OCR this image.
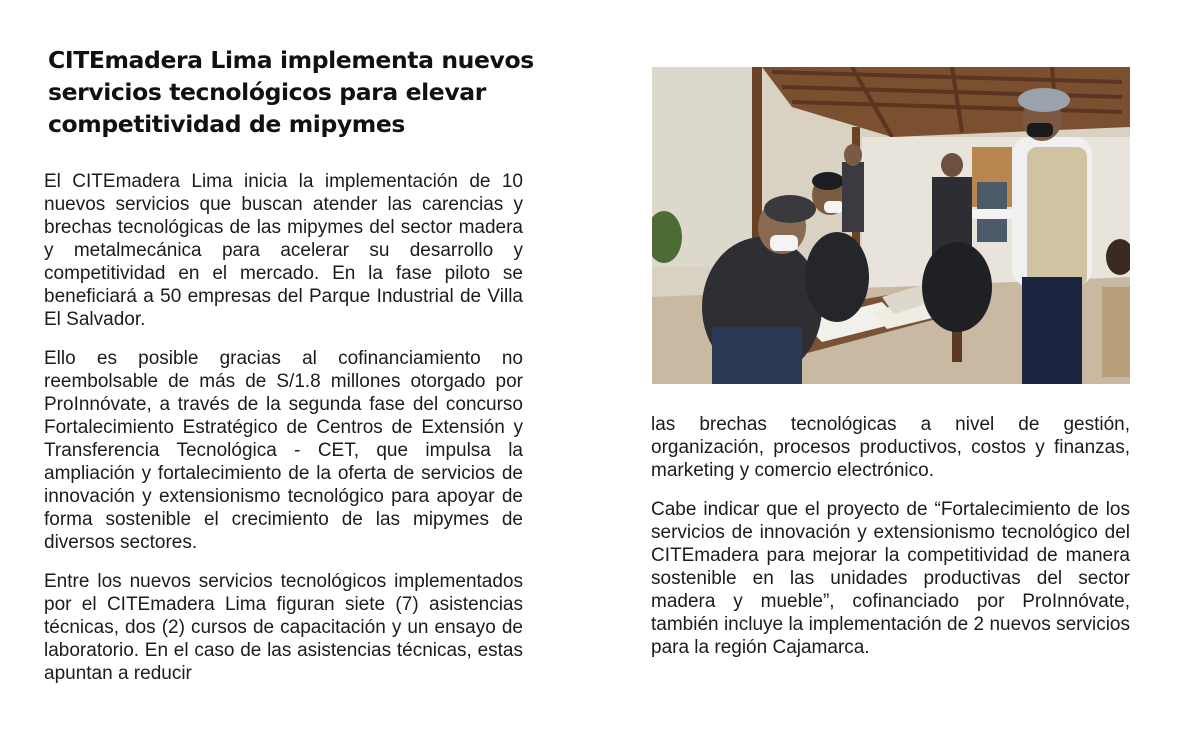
CITEmadera Lima implementa nuevos servicios tecnológicos para elevar competitividad de mipymes

El CITEmadera Lima inicia la implementación de 10 nuevos servicios que buscan atender las carencias y brechas tecnológicas de las mipymes del sector madera y metalmecánica para acelerar su desarrollo y competitividad en el mercado. En la fase piloto se beneficiará a 50 empresas del Parque Industrial de Villa El Salvador.

Ello es posible gracias al cofinanciamiento no reembolsable de más de S/1.8 millones otorgado por ProInnóvate, a través de la segunda fase del concurso Fortalecimiento Estratégico de Centros de Extensión y Transferencia Tecnológica - CET, que impulsa la ampliación y fortalecimiento de la oferta de servicios de innovación y extensionismo tecnológico para apoyar de forma sostenible el crecimiento de las mipymes de diversos sectores.

Entre los nuevos servicios tecnológicos implementados por el CITEmadera Lima figuran siete (7) asistencias técnicas, dos (2) cursos de capacitación y un ensayo de laboratorio. En el caso de las asistencias técnicas, estas apuntan a reducir

las brechas tecnológicas a nivel de gestión, organización, procesos productivos, costos y finanzas, marketing y comercio electrónico.

Cabe indicar que el proyecto de “Fortalecimiento de los servicios de innovación y extensionismo tecnológico del CITEmadera para mejorar la competitividad de manera sostenible en las unidades productivas del sector madera y mueble”, cofinanciado por ProInnóvate, también incluye la implementación de 2 nuevos servicios para la región Cajamarca.
